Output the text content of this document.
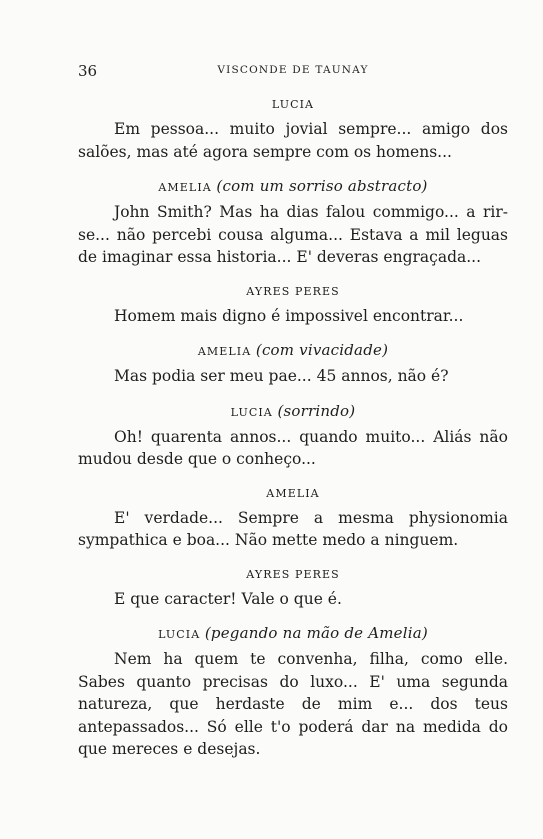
36	VISCONDE DE TAUNAY
LUCIA

Em pessoa... muito jovial sempre... amigo dos salões, mas até agora sempre com os homens...

AMELIA (com um sorriso abstracto)

John Smith? Mas ha dias falou commigo... a rir-se... não percebi cousa alguma... Estava a mil leguas de imaginar essa historia... E' deveras engraçada...

AYRES PERES

Homem mais digno é impossivel encontrar...

AMELIA (com vivacidade)

Mas podia ser meu pae... 45 annos, não é?

LUCIA (sorrindo)

Oh! quarenta annos... quando muito... Aliás não mudou desde que o conheço...

AMELIA

E' verdade... Sempre a mesma physionomia sympathica e boa... Não mette medo a ninguem.

AYRES PERES

E que caracter! Vale o que é.

LUCIA (pegando na mão de Amelia)

Nem ha quem te convenha, filha, como elle. Sabes quanto precisas do luxo... E' uma segunda natureza, que herdaste de mim e... dos teus antepassados... Só elle t'o poderá dar na medida do que mereces e desejas.
